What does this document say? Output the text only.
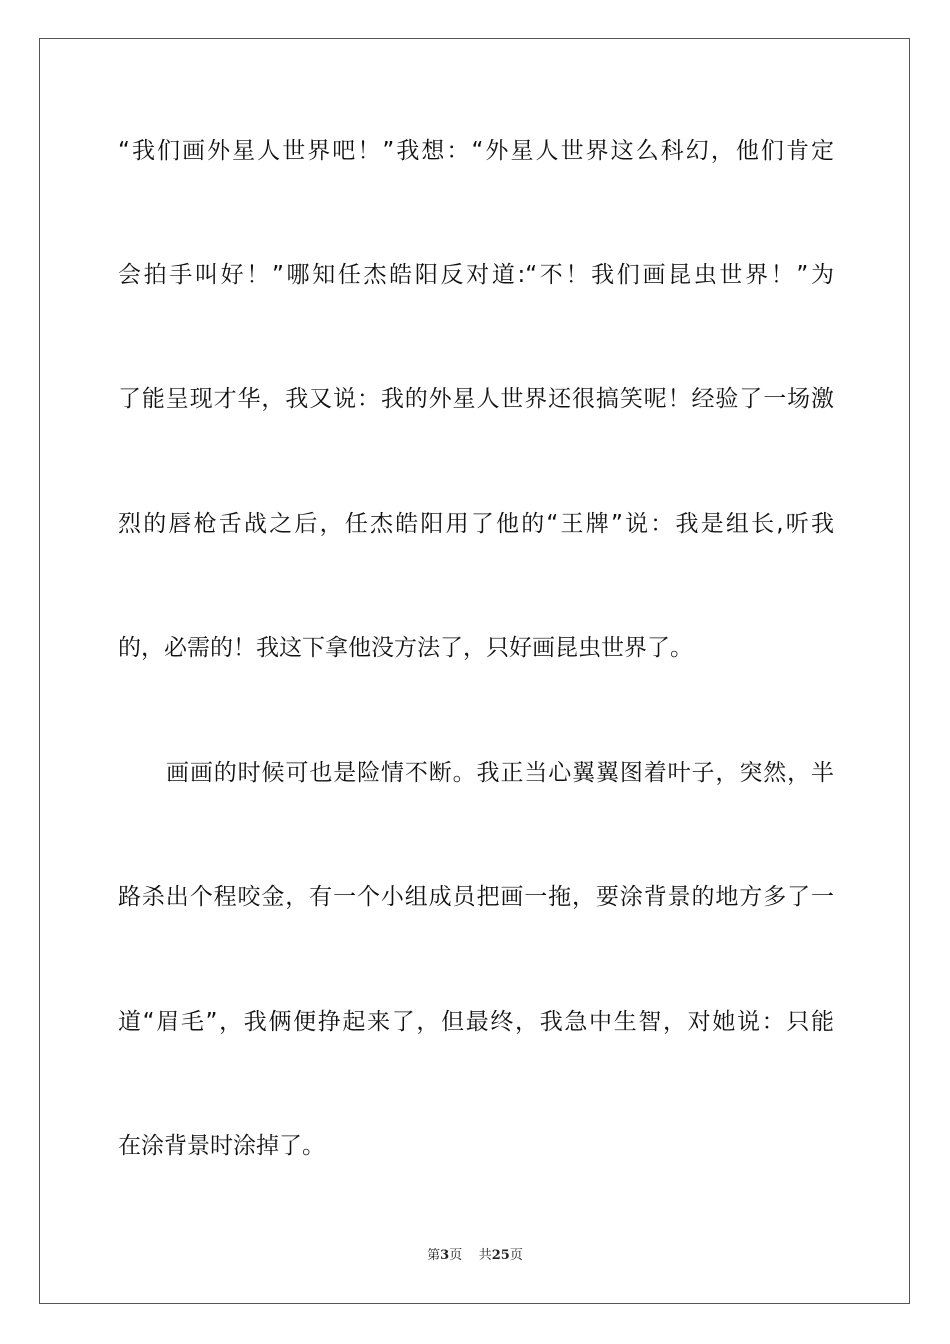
“我们画外星人世界吧！”我想：“外星人世界这么科幻，他们肯定
会拍手叫好！”哪知任杰皓阳反对道:“不！我们画昆虫世界！”为
了能呈现才华，我又说：我的外星人世界还很搞笑呢！经验了一场激
烈的唇枪舌战之后，任杰皓阳用了他的“王牌”说：我是组长,听我
的，必需的！我这下拿他没方法了，只好画昆虫世界了。
画画的时候可也是险情不断。我正当心翼翼图着叶子，突然，半
路杀出个程咬金，有一个小组成员把画一拖，要涂背景的地方多了一
道“眉毛”，我俩便挣起来了，但最终，我急中生智，对她说：只能
在涂背景时涂掉了。
第3页 共25页
